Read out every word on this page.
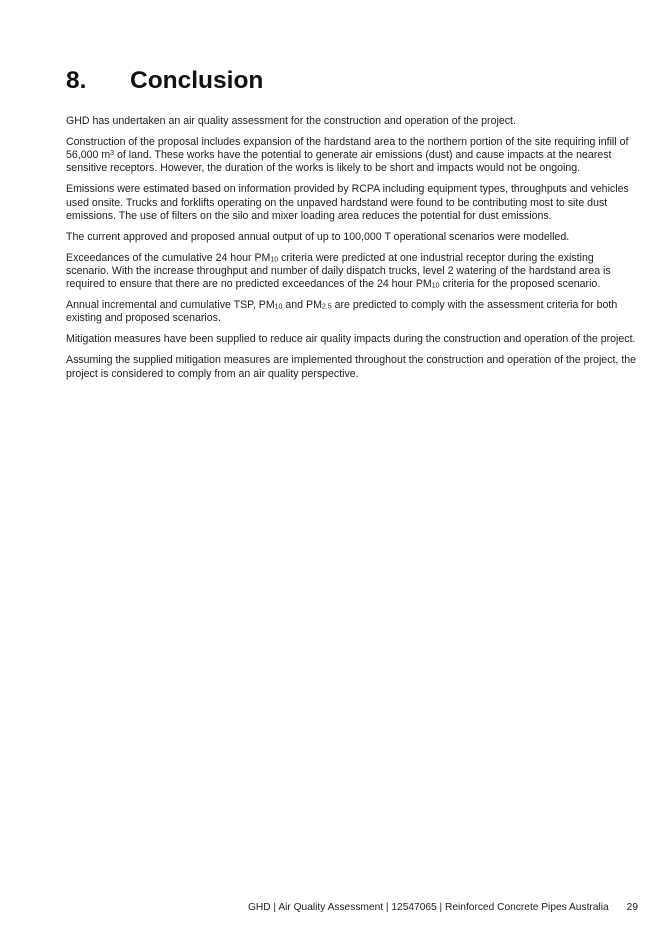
8. Conclusion

GHD has undertaken an air quality assessment for the construction and operation of the project.

Construction of the proposal includes expansion of the hardstand area to the northern portion of the site requiring infill of 56,000 $m^3$ of land. These works have the potential to generate air emissions (dust) and cause impacts at the nearest sensitive receptors. However, the duration of the works is likely to be short and impacts would not be ongoing.

Emissions were estimated based on information provided by RCPA including equipment types, throughputs and vehicles used onsite. Trucks and forklifts operating on the unpaved hardstand were found to be contributing most to site dust emissions. The use of filters on the silo and mixer loading area reduces the potential for dust emissions.

The current approved and proposed annual output of up to 100,000 T operational scenarios were modelled.

Exceedances of the cumulative 24 hour $PM_{10}$ criteria were predicted at one industrial receptor during the existing scenario. With the increase throughput and number of daily dispatch trucks, level 2 watering of the hardstand area is required to ensure that there are no predicted exceedances of the 24 hour $PM_{10}$ criteria for the proposed scenario.

Annual incremental and cumulative TSP, $PM_{10}$ and $PM_{2.5}$ are predicted to comply with the assessment criteria for both existing and proposed scenarios.

Mitigation measures have been supplied to reduce air quality impacts during the construction and operation of the project.

Assuming the supplied mitigation measures are implemented throughout the construction and operation of the project, the project is considered to comply from an air quality perspective.

GHD | Air Quality Assessment | 12547065 | Reinforced Concrete Pipes Australia 29
